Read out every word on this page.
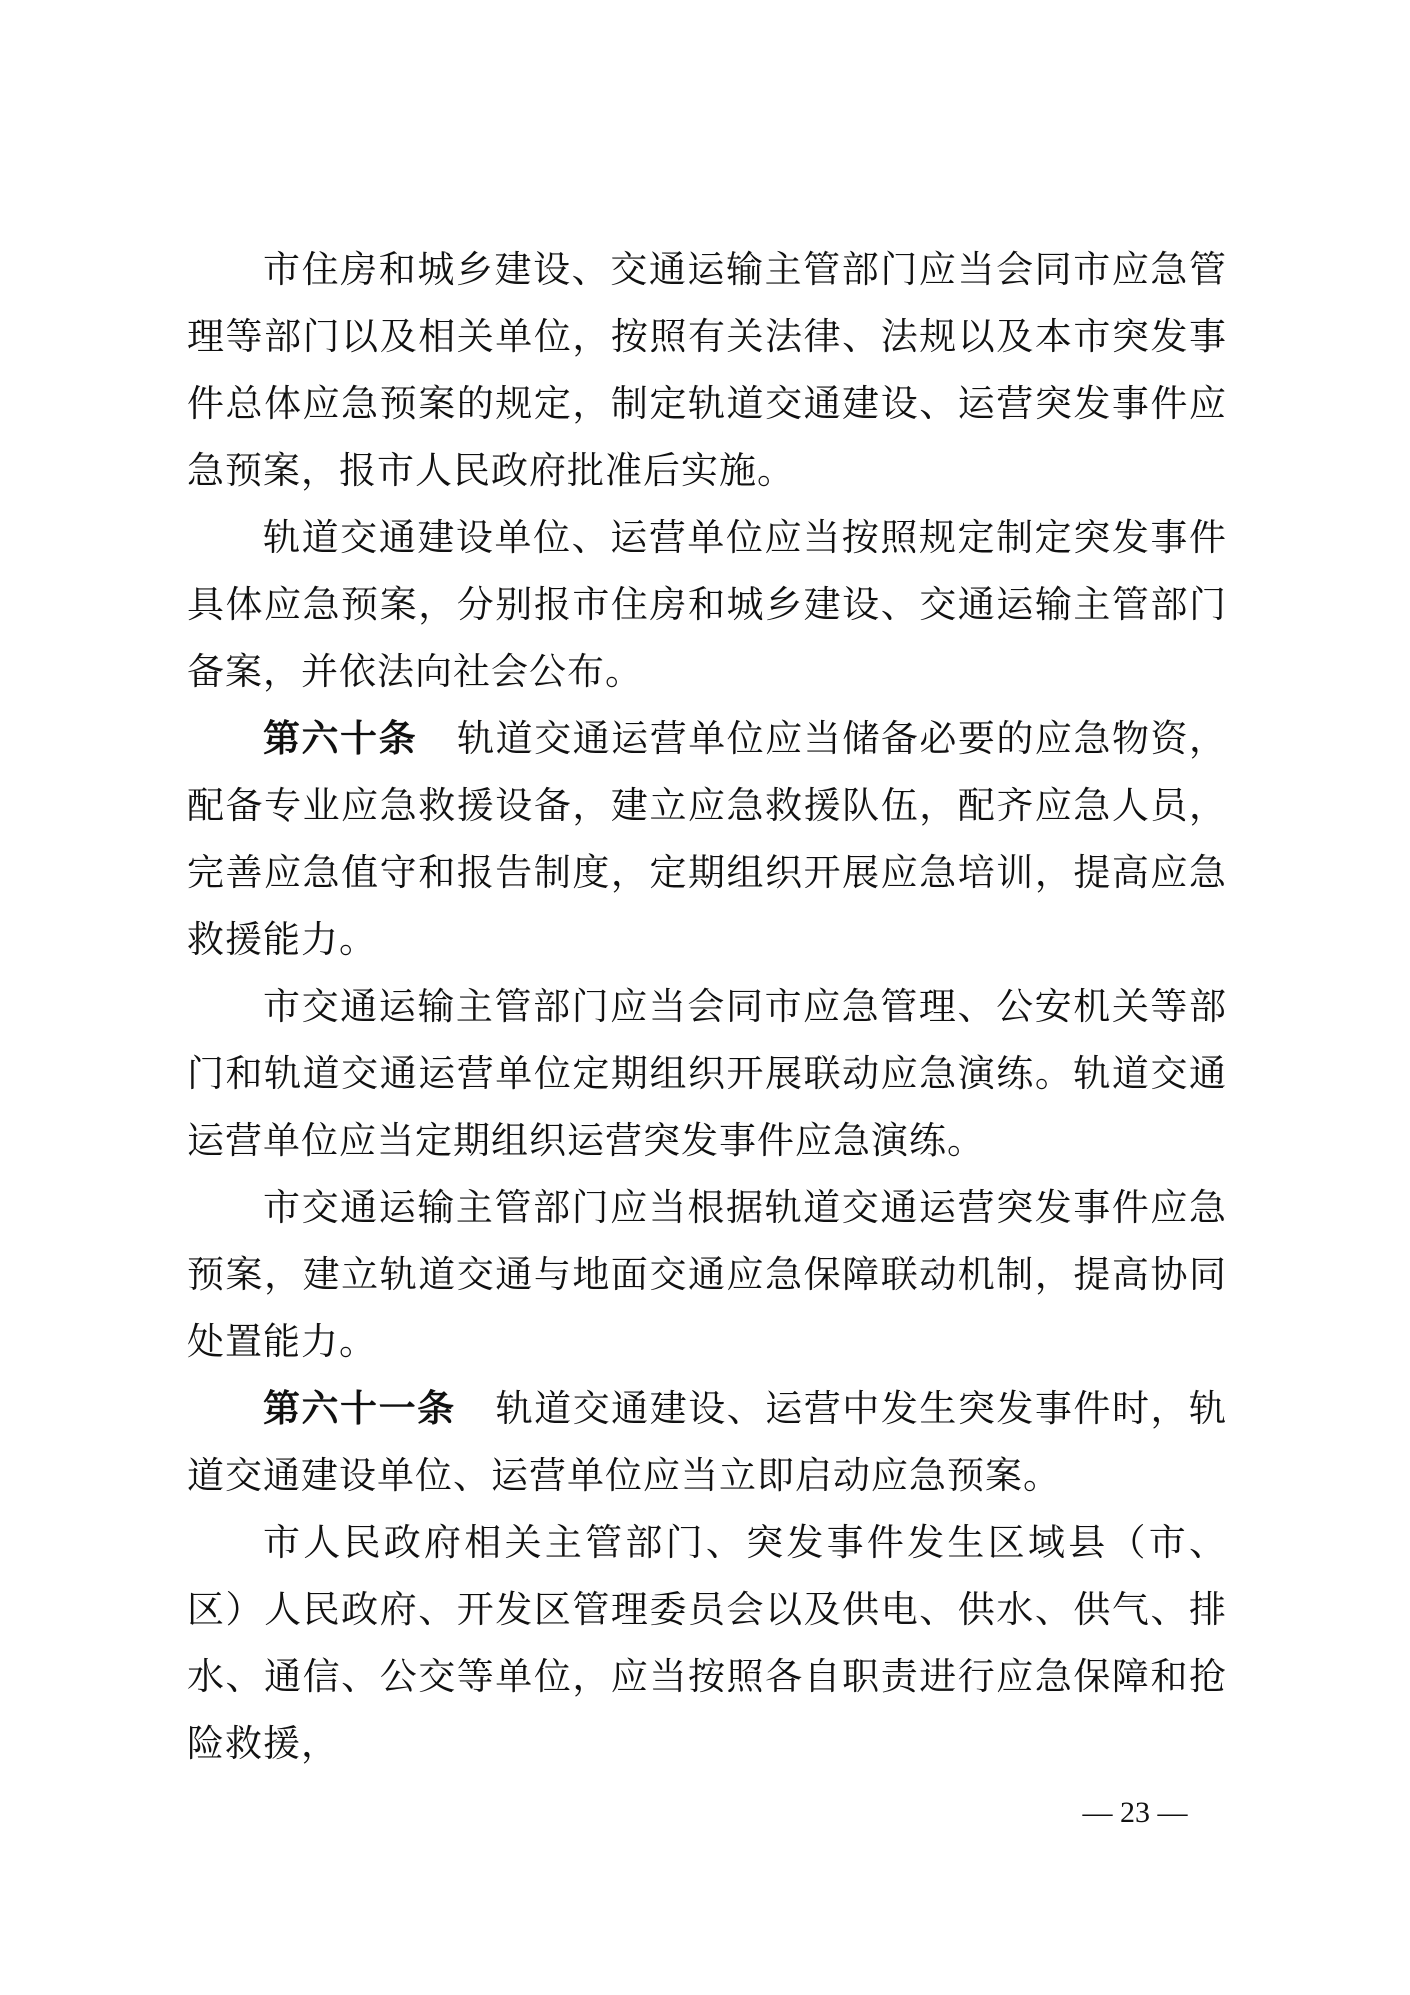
市住房和城乡建设、交通运输主管部门应当会同市应急管理等部门以及相关单位，按照有关法律、法规以及本市突发事件总体应急预案的规定，制定轨道交通建设、运营突发事件应急预案，报市人民政府批准后实施。

轨道交通建设单位、运营单位应当按照规定制定突发事件具体应急预案，分别报市住房和城乡建设、交通运输主管部门备案，并依法向社会公布。

第六十条 轨道交通运营单位应当储备必要的应急物资，配备专业应急救援设备，建立应急救援队伍，配齐应急人员，完善应急值守和报告制度，定期组织开展应急培训，提高应急救援能力。

市交通运输主管部门应当会同市应急管理、公安机关等部门和轨道交通运营单位定期组织开展联动应急演练。轨道交通运营单位应当定期组织运营突发事件应急演练。

市交通运输主管部门应当根据轨道交通运营突发事件应急预案，建立轨道交通与地面交通应急保障联动机制，提高协同处置能力。

第六十一条 轨道交通建设、运营中发生突发事件时，轨道交通建设单位、运营单位应当立即启动应急预案。

市人民政府相关主管部门、突发事件发生区域县（市、区）人民政府、开发区管理委员会以及供电、供水、供气、排水、通信、公交等单位，应当按照各自职责进行应急保障和抢险救援，

— 23 —
